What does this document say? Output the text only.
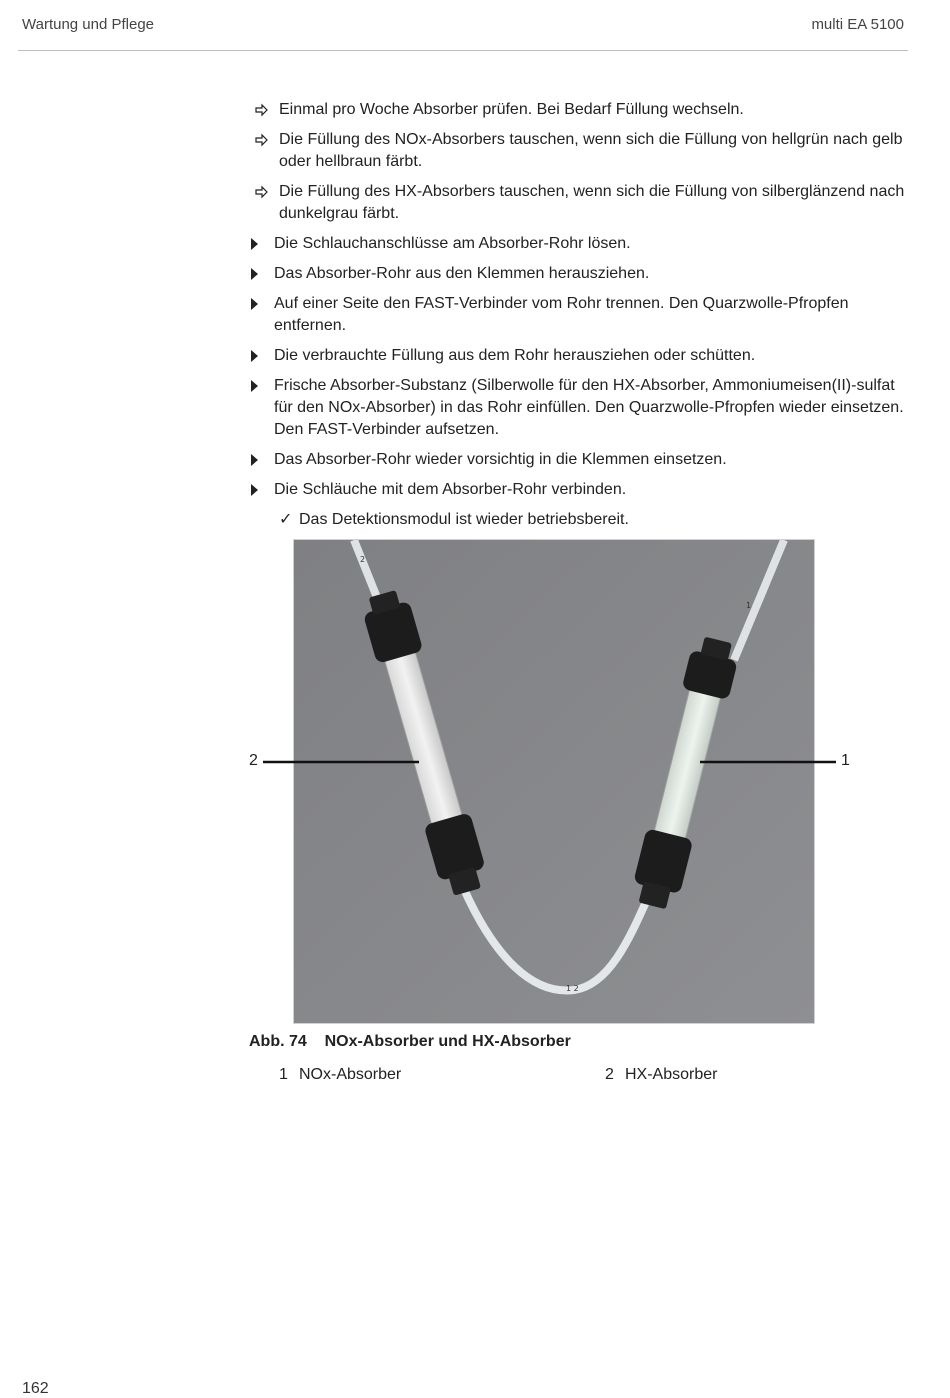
Wartung und Pflege	multi EA 5100
Einmal pro Woche Absorber prüfen. Bei Bedarf Füllung wechseln.
Die Füllung des NOx-Absorbers tauschen, wenn sich die Füllung von hellgrün nach gelb oder hellbraun färbt.
Die Füllung des HX-Absorbers tauschen, wenn sich die Füllung von silberglänzend nach dunkelgrau färbt.
Die Schlauchanschlüsse am Absorber-Rohr lösen.
Das Absorber-Rohr aus den Klemmen herausziehen.
Auf einer Seite den FAST-Verbinder vom Rohr trennen. Den Quarzwolle-Pfropfen entfernen.
Die verbrauchte Füllung aus dem Rohr herausziehen oder schütten.
Frische Absorber-Substanz (Silberwolle für den HX-Absorber, Ammoniumeisen(II)-sulfat für den NOx-Absorber) in das Rohr einfüllen. Den Quarzwolle-Pfropfen wieder einsetzen. Den FAST-Verbinder aufsetzen.
Das Absorber-Rohr wieder vorsichtig in die Klemmen einsetzen.
Die Schläuche mit dem Absorber-Rohr verbinden.
✓ Das Detektionsmodul ist wieder betriebsbereit.
2
1
1 2
2	1
Abb. 74    NOx-Absorber und HX-Absorber
1 NOx-Absorber	2 HX-Absorber
162
